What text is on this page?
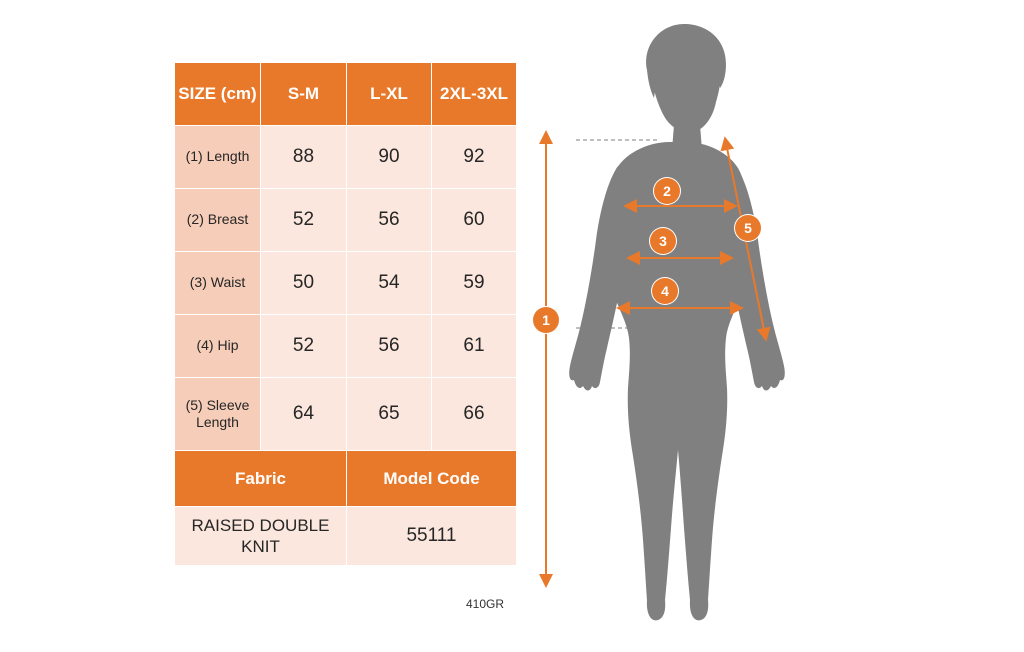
SIZE (cm)	S-M	L-XL	2XL-3XL
(1) Length	88	90	92
(2) Breast	52	56	60
(3) Waist	50	54	59
(4) Hip	52	56	61
(5) Sleeve Length	64	65	66
Fabric		Model Code	
RAISED DOUBLE KNIT		55111	
410GR
1
2
3
4
5
